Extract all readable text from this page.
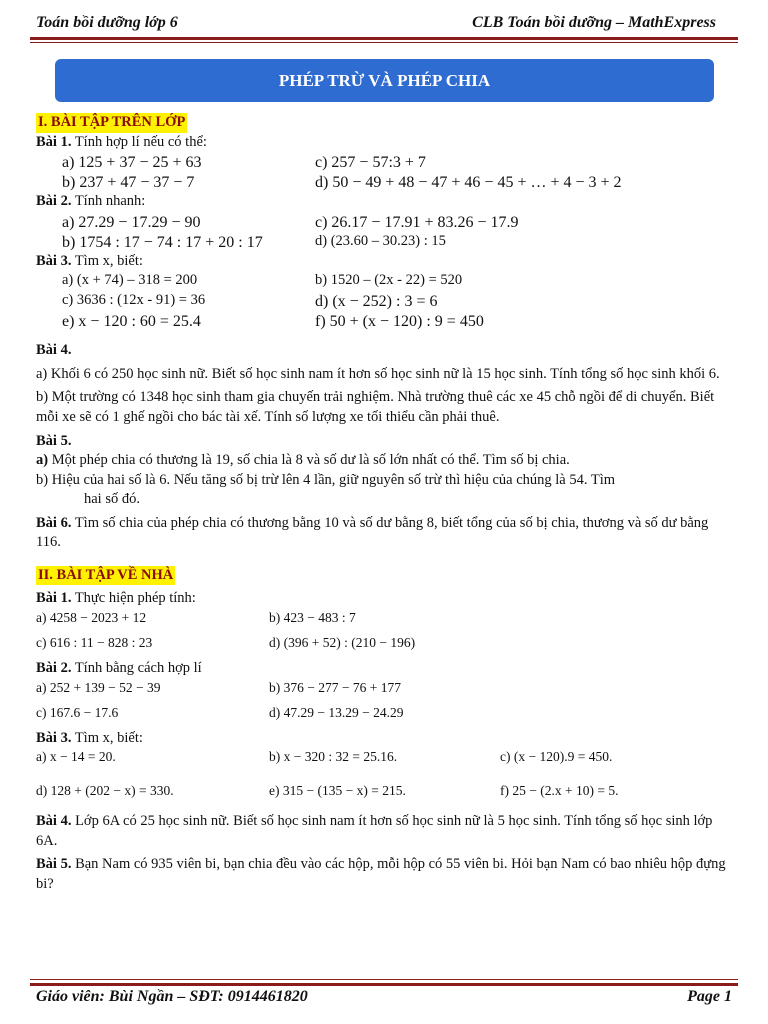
Toán bồi dưỡng lớp 6	CLB Toán bồi dưỡng – MathExpress
PHÉP TRỪ VÀ PHÉP CHIA
I. BÀI TẬP TRÊN LỚP

Bài 1. Tính hợp lí nếu có thể:

a) 125 + 37 − 25 + 63	c) 257 − 57:3 + 7
b) 237 + 47 − 37 − 7	d) 50 − 49 + 48 − 47 + 46 − 45 + … + 4 − 3 + 2

Bài 2. Tính nhanh:

a) 27.29 − 17.29 − 90	c) 26.17 − 17.91 + 83.26 − 17.9
b) 1754 : 17 − 74 : 17 + 20 : 17	d) (23.60 – 30.23) : 15

Bài 3. Tìm x, biết:

a) (x + 74) – 318 = 200	b) 1520 – (2x - 22) = 520
c) 3636 : (12x - 91) = 36	d) (x − 252) : 3 = 6
e) x − 120 : 60 = 25.4	f) 50 + (x − 120) : 9 = 450

Bài 4.

a) Khối 6 có 250 học sinh nữ. Biết số học sinh nam ít hơn số học sinh nữ là 15 học sinh. Tính tổng số học sinh khối 6.

b) Một trường có 1348 học sinh tham gia chuyến trải nghiệm. Nhà trường thuê các xe 45 chỗ ngồi để di chuyển. Biết mỗi xe sẽ có 1 ghế ngồi cho bác tài xế. Tính số lượng xe tối thiểu cần phải thuê.

Bài 5.

a) Một phép chia có thương là 19, số chia là 8 và số dư là số lớn nhất có thể. Tìm số bị chia.

b) Hiệu của hai số là 6. Nếu tăng số bị trừ lên 4 lần, giữ nguyên số trừ thì hiệu của chúng là 54. Tìm

hai số đó.

Bài 6. Tìm số chia của phép chia có thương bằng 10 và số dư bằng 8, biết tổng của số bị chia, thương và số dư bằng 116.

II. BÀI TẬP VỀ NHÀ

Bài 1. Thực hiện phép tính:

a) 4258 − 2023 + 12	b) 423 − 483 : 7
c) 616 : 11 − 828 : 23	d) (396 + 52) : (210 − 196)

Bài 2. Tính bằng cách hợp lí

a) 252 + 139 − 52 − 39	b) 376 − 277 − 76 + 177
c) 167.6 − 17.6	d) 47.29 − 13.29 − 24.29

Bài 3. Tìm x, biết:

a) x − 14 = 20.	b) x − 320 : 32 = 25.16.	c) (x − 120).9 = 450.
d) 128 + (202 − x) = 330.	e) 315 − (135 − x) = 215.	f) 25 − (2.x + 10) = 5.

Bài 4. Lớp 6A có 25 học sinh nữ. Biết số học sinh nam ít hơn số học sinh nữ là 5 học sinh. Tính tổng số học sinh lớp 6A.

Bài 5. Bạn Nam có 935 viên bi, bạn chia đều vào các hộp, mỗi hộp có 55 viên bi. Hỏi bạn Nam có bao nhiêu hộp đựng bi?

Giáo viên: Bùi Ngần – SĐT: 0914461820	Page 1
